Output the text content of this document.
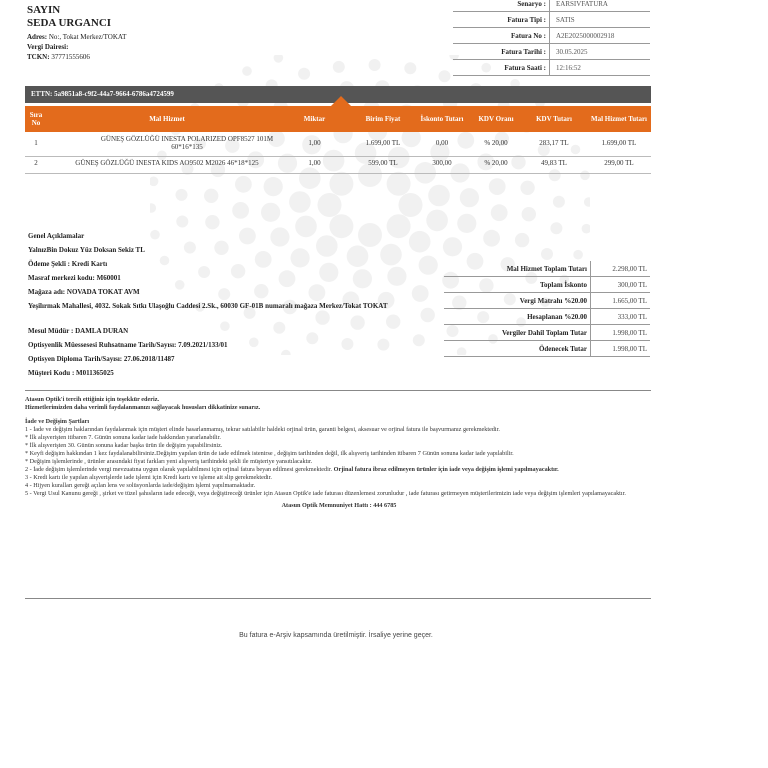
SAYIN
SEDA URGANCI
Adres: No:, Tokat Merkez/TOKAT
Vergi Dairesi:
TCKN: 37771555606
Senaryo :	EARSIVFATURA
Fatura Tipi :	SATIS
Fatura No :	A2E2025000002918
Fatura Tarihi :	30.05.2025
Fatura Saati :	12:16:52
ETTN: 5a9851a8-c9f2-44a7-9664-6786a4724599
Sıra No	Mal Hizmet	Miktar	Birim Fiyat	İskonto Tutarı	KDV Oranı	KDV Tutarı	Mal Hizmet Tutarı
1	GÜNEŞ GÖZLÜĞÜ INESTA POLARIZED OPF8527 101M
60*16*135	1,00	1.699,00 TL	0,00	% 20,00	283,17 TL	1.699,00 TL
2	GÜNEŞ GÖZLÜĞÜ INESTA KIDS AO9502 M2026 46*18*125	1,00	599,00 TL	300,00	% 20,00	49,83 TL	299,00 TL
Genel Açıklamalar
YalnızBin Dokuz Yüz Doksan Sekiz TL
Ödeme Şekli : Kredi Kartı
Masraf merkezi kodu: M60001
Mağaza adı: NOVADA TOKAT AVM
Yeşilırmak Mahallesi, 4032. Sokak Sıtkı Ulaşoğlu Caddesi 2.Sk., 60030 GF-01B numaralı mağaza Merkez/Tokat TOKAT
Mesul Müdür : DAMLA DURAN
Optisyenlik Müessesesi Ruhsatname Tarih/Sayısı: 7.09.2021/133/01
Optisyen Diploma Tarih/Sayısı: 27.06.2018/11487
Müşteri Kodu : M011365025
Mal Hizmet Toplam Tutarı	2.298,00 TL
Toplam İskonto	300,00 TL
Vergi Matrahı %20.00	1.665,00 TL
Hesaplanan %20.00	333,00 TL
Vergiler Dahil Toplam Tutar	1.998,00 TL
Ödenecek Tutar	1.998,00 TL
Atasun Optik'i tercih ettiğiniz için teşekkür ederiz.
Hizmetlerimizden daha verimli faydalanmanızı sağlayacak hususları dikkatinize sunarız.
İade ve Değişim Şartları
1 - İade ve değişim haklarından faydalanmak için müşteri elinde hasarlanmamış, tekrar satılabilir haldeki orjinal ürün, garanti belgesi, aksesuar ve orjinal fatura ile başvurmanız gerekmektedir.
* İlk alışverişten itibaren 7. Günün sonuna kadar iade hakkından yararlanabilir.
* İlk alışverişten 30. Günün sonuna kadar başka ürün ile değişim yapabilirsiniz.
* Keyfi değişim hakkından 1 kez faydalanabilirsiniz.Değişim yapılan ürün de iade edilmek istenirse , değişim tarihinden değil, ilk alışveriş tarihinden itibaren 7 Günün sonuna kadar iade yapılabilir.
* Değişim işlemlerinde , ürünler arasındaki fiyat farkları yeni alışveriş tarihindeki şekli ile müşteriye yansıtılacaktır.
2 - İade değişim işlemlerinde vergi mevzuatına uygun olarak yapılabilmesi için orjinal fatura beyan edilmesi gerekmektedir. Orjinal fatura ibraz edilmeyen ürünler için iade veya değişim işlemi yapılmayacaktır.
3 - Kredi kartı ile yapılan alışverişlerde iade işlemi için Kredi kartı ve işleme ait slip gerekmektedir.
4 - Hijyen kuralları gereği açılan lens ve solüsyonlarda iade/değişim işlemi yapılmamaktadır.
5 - Vergi Usul Kanunu gereği , şirket ve tüzel şahısların iade edeceği, veya değiştireceği ürünler için Atasun Optik'e iade faturası düzenlemesi zorunludur , iade faturası getirmeyen müşterilerimizin iade veya değişim işlemleri yapılamayacaktır.
Atasun Optik Memnuniyet Hattı : 444 6785
Bu fatura e-Arşiv kapsamında üretilmiştir. İrsaliye yerine geçer.
